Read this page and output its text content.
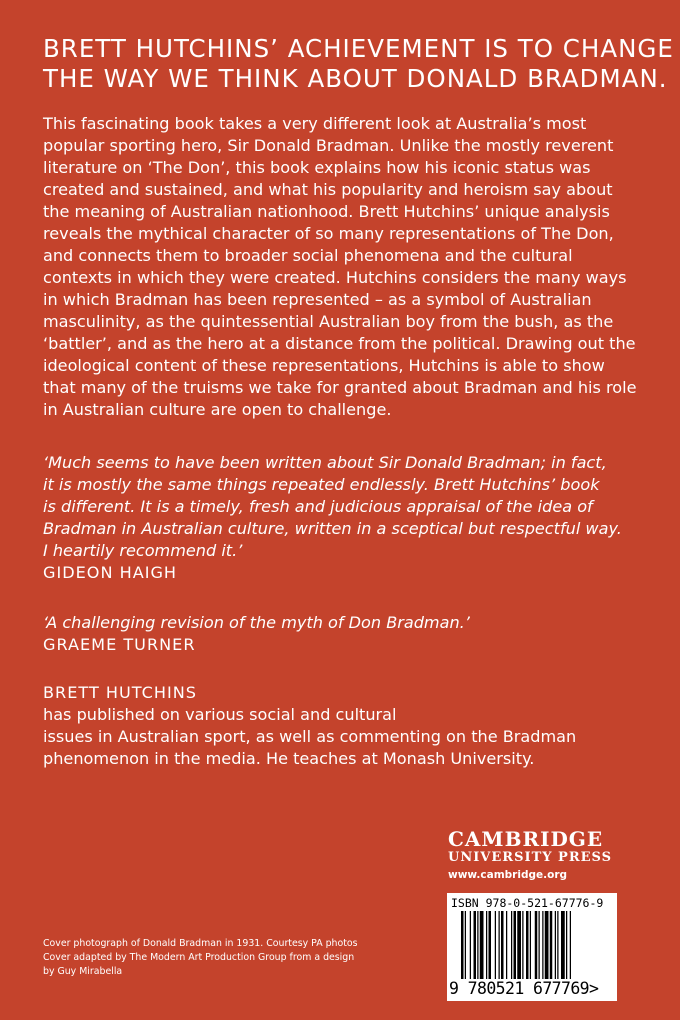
BRETT HUTCHINS’ ACHIEVEMENT IS TO CHANGE
THE WAY WE THINK ABOUT DONALD BRADMAN.
This fascinating book takes a very different look at Australia’s most
popular sporting hero, Sir Donald Bradman. Unlike the mostly reverent
literature on ‘The Don’, this book explains how his iconic status was
created and sustained, and what his popularity and heroism say about
the meaning of Australian nationhood. Brett Hutchins’ unique analysis
reveals the mythical character of so many representations of The Don,
and connects them to broader social phenomena and the cultural
contexts in which they were created. Hutchins considers the many ways
in which Bradman has been represented – as a symbol of Australian
masculinity, as the quintessential Australian boy from the bush, as the
‘battler’, and as the hero at a distance from the political. Drawing out the
ideological content of these representations, Hutchins is able to show
that many of the truisms we take for granted about Bradman and his role
in Australian culture are open to challenge.
‘Much seems to have been written about Sir Donald Bradman; in fact,
it is mostly the same things repeated endlessly. Brett Hutchins’ book
is different. It is a timely, fresh and judicious appraisal of the idea of
Bradman in Australian culture, written in a sceptical but respectful way.
I heartily recommend it.’
GIDEON HAIGH
‘A challenging revision of the myth of Don Bradman.’
GRAEME TURNER
BRETT HUTCHINS
has published on various social and cultural
issues in Australian sport, as well as commenting on the Bradman
phenomenon in the media. He teaches at Monash University.
CAMBRIDGE
UNIVERSITY PRESS
www.cambridge.org
ISBN 978-0-521-67776-9
9 780521 677769>
Cover photograph of Donald Bradman in 1931. Courtesy PA photos
Cover adapted by The Modern Art Production Group from a design
by Guy Mirabella
